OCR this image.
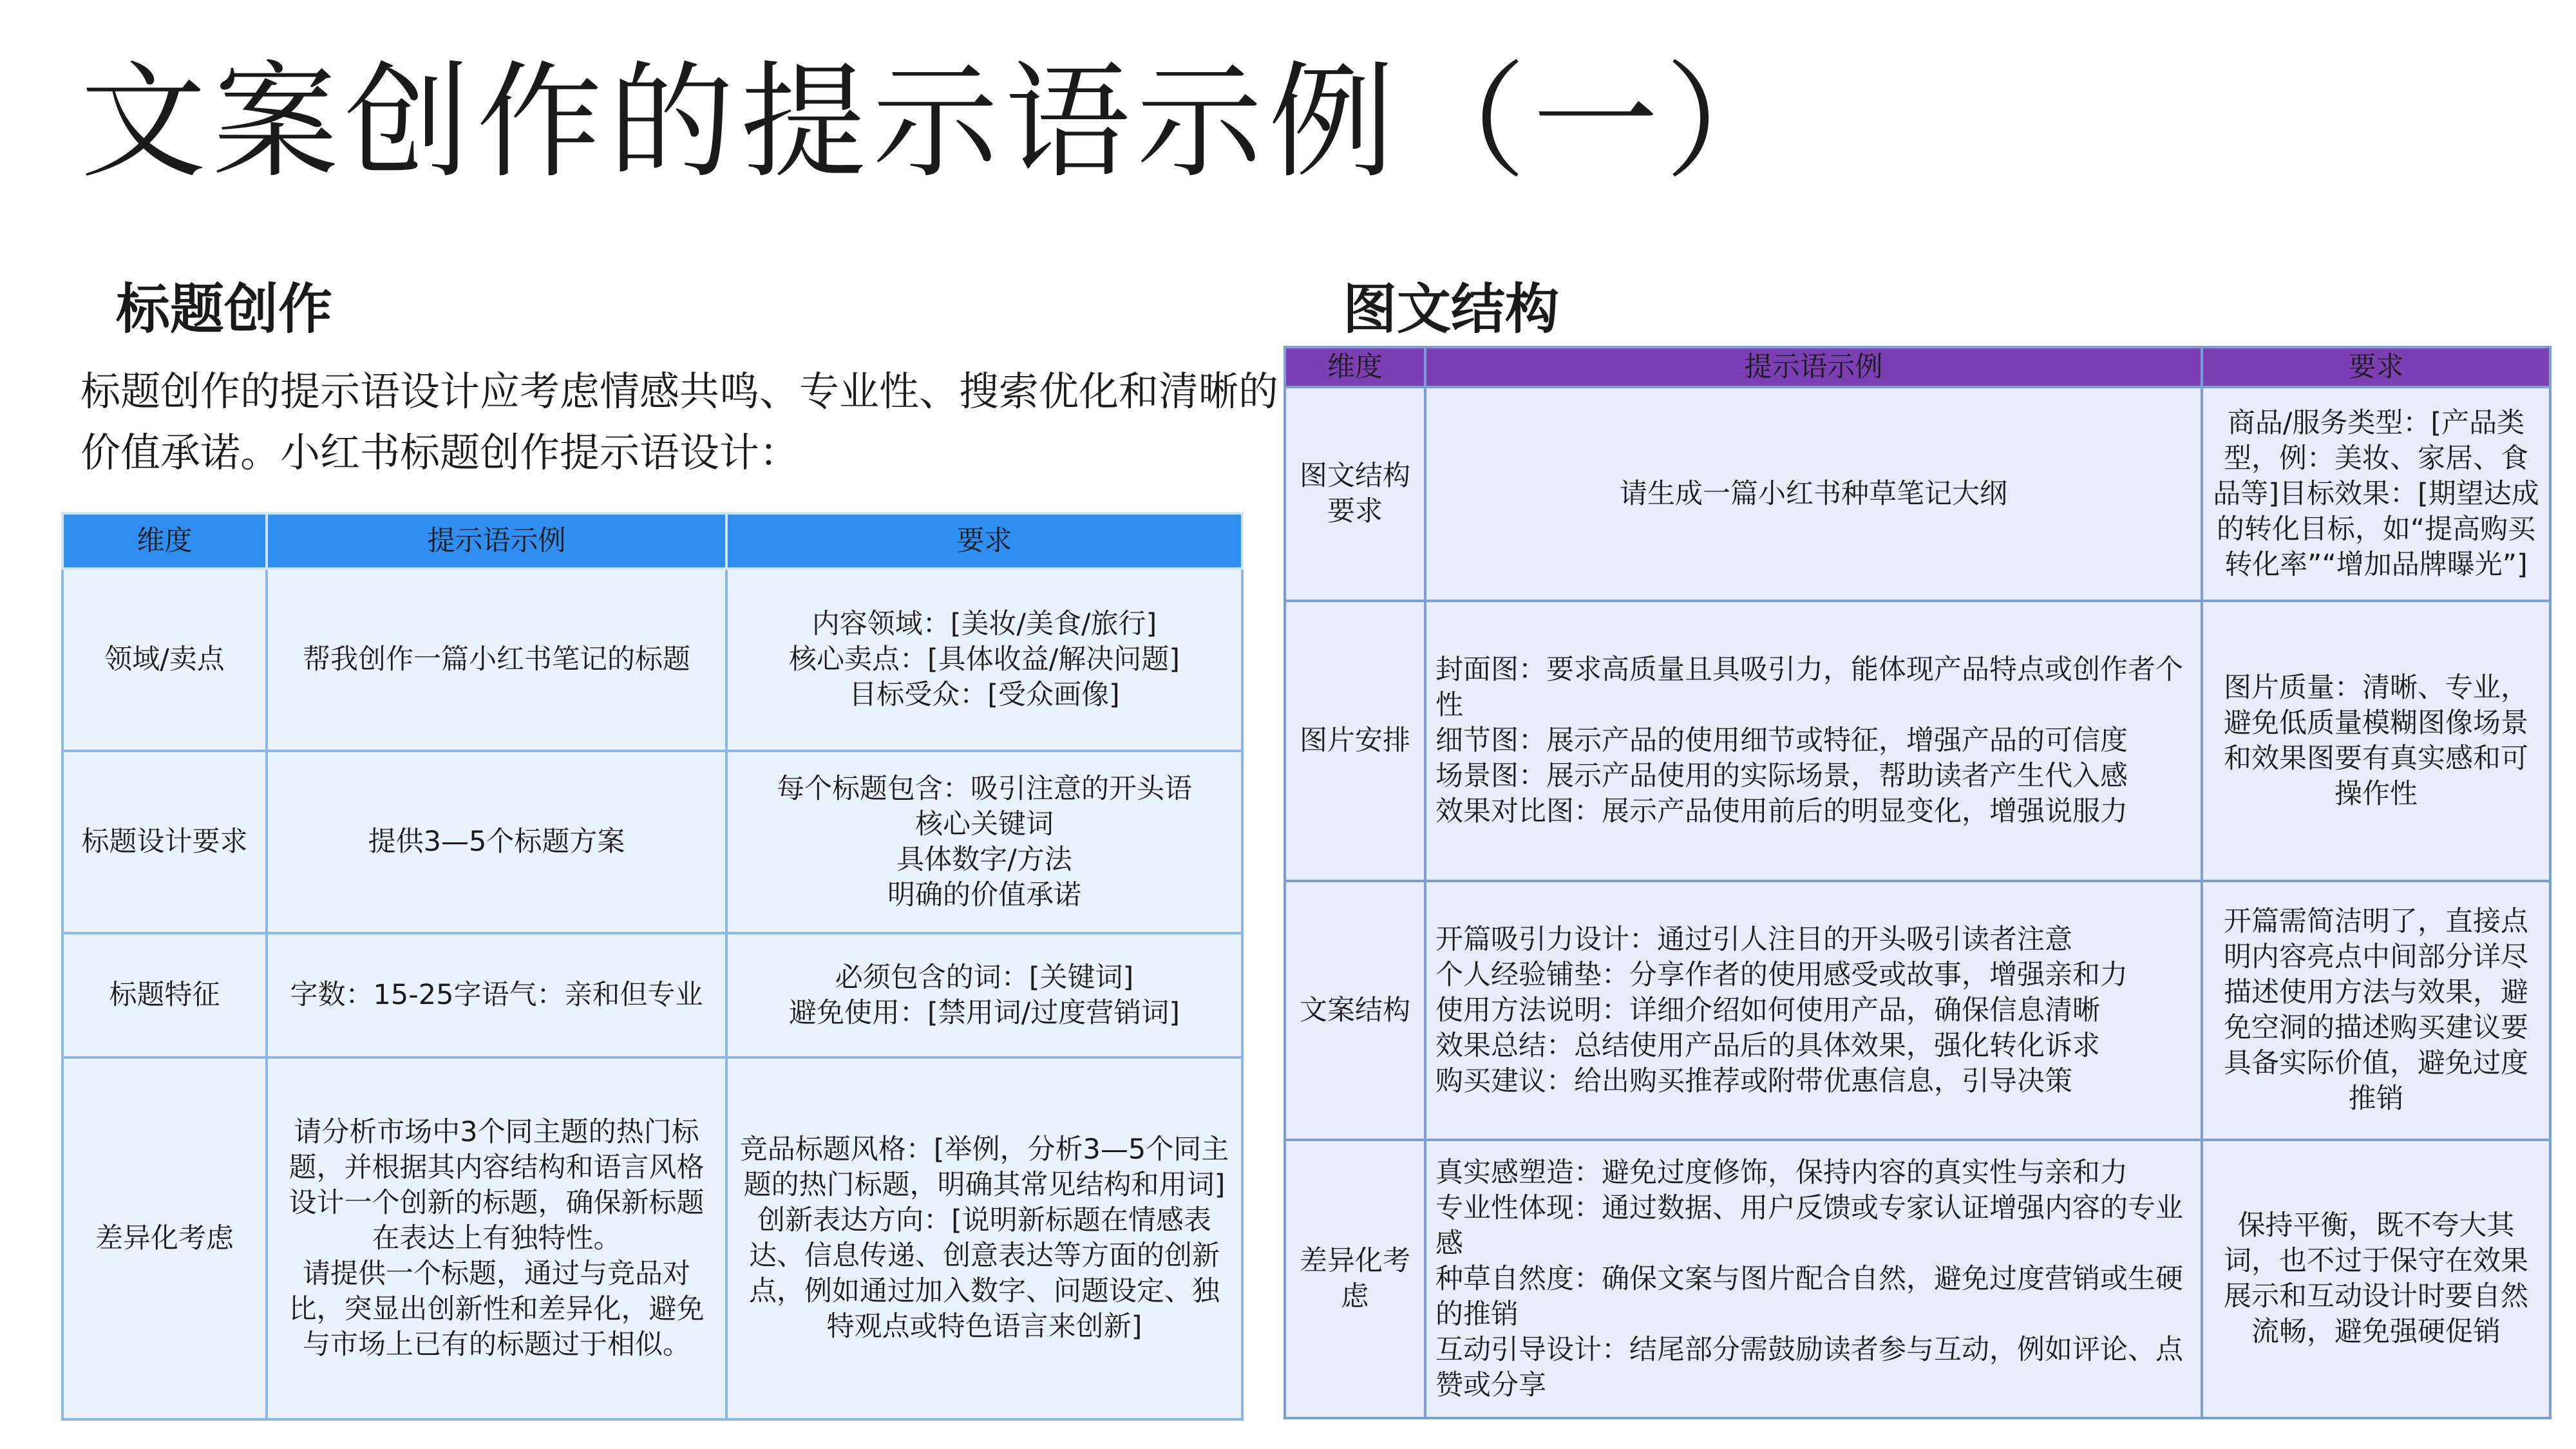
文案创作的提示语示例（一）
标题创作	图文结构

标题创作的提示语设计应考虑情感共鸣、专业性、搜索优化和清晰的价值承诺。小红书标题创作提示语设计：

维度	提示语示例	要求
领域/卖点	帮我创作一篇小红书笔记的标题	内容领域：[美妆/美食/旅行]
核心卖点：[具体收益/解决问题]
目标受众：[受众画像]

标题设计要求	提供3—5个标题方案	每个标题包含：吸引注意的开头语
核心关键词
具体数字/方法
明确的价值承诺

标题特征	字数：15-25字语气：亲和但专业	必须包含的词：[关键词]
避免使用：[禁用词/过度营销词]

差异化考虑	请分析市场中3个同主题的热门标题，并根据其内容结构和语言风格设计一个创新的标题，确保新标题在表达上有独特性。
请提供一个标题，通过与竞品对比，突显出创新性和差异化，避免与市场上已有的标题过于相似。	竞品标题风格：[举例，分析3—5个同主题的热门标题，明确其常见结构和用词]
创新表达方向：[说明新标题在情感表达、信息传递、创意表达等方面的创新点，例如通过加入数字、问题设定、独特观点或特色语言来创新]
维度	提示语示例	要求
图文结构要求	请生成一篇小红书种草笔记大纲	商品/服务类型：[产品类型，例：美妆、家居、食品等]目标效果：[期望达成的转化目标，如“提高购买转化率”“增加品牌曝光”]

图片安排	封面图：要求高质量且具吸引力，能体现产品特点或创作者个性
细节图：展示产品的使用细节或特征，增强产品的可信度
场景图：展示产品使用的实际场景，帮助读者产生代入感
效果对比图：展示产品使用前后的明显变化，增强说服力	图片质量：清晰、专业，避免低质量模糊图像场景和效果图要有真实感和可操作性

文案结构	开篇吸引力设计：通过引人注目的开头吸引读者注意
个人经验铺垫：分享作者的使用感受或故事，增强亲和力
使用方法说明：详细介绍如何使用产品，确保信息清晰
效果总结：总结使用产品后的具体效果，强化转化诉求
购买建议：给出购买推荐或附带优惠信息，引导决策	开篇需简洁明了，直接点明内容亮点中间部分详尽描述使用方法与效果，避免空洞的描述购买建议要具备实际价值，避免过度推销

差异化考虑	真实感塑造：避免过度修饰，保持内容的真实性与亲和力
专业性体现：通过数据、用户反馈或专家认证增强内容的专业感
种草自然度：确保文案与图片配合自然，避免过度营销或生硬的推销
互动引导设计：结尾部分需鼓励读者参与互动，例如评论、点赞或分享	保持平衡，既不夸大其词，也不过于保守在效果展示和互动设计时要自然流畅，避免强硬促销
